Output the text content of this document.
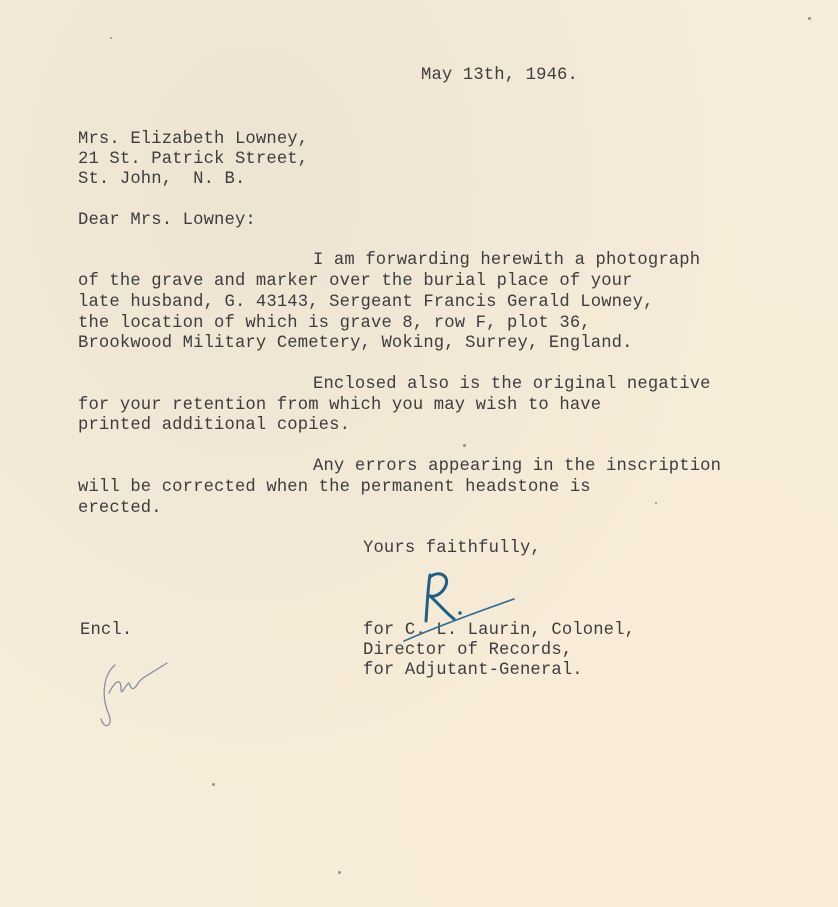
May 13th, 1946.
Mrs. Elizabeth Lowney,
21 St. Patrick Street,
St. John,  N. B.
Dear Mrs. Lowney:
I am forwarding herewith a photograph
of the grave and marker over the burial place of your
late husband, G. 43143, Sergeant Francis Gerald Lowney,
the location of which is grave 8, row F, plot 36,
Brookwood Military Cemetery, Woking, Surrey, England.
Enclosed also is the original negative
for your retention from which you may wish to have
printed additional copies.
Any errors appearing in the inscription
will be corrected when the permanent headstone is
erected.
Yours faithfully,
Encl.	for C. L. Laurin, Colonel,
Director of Records,
for Adjutant-General.
